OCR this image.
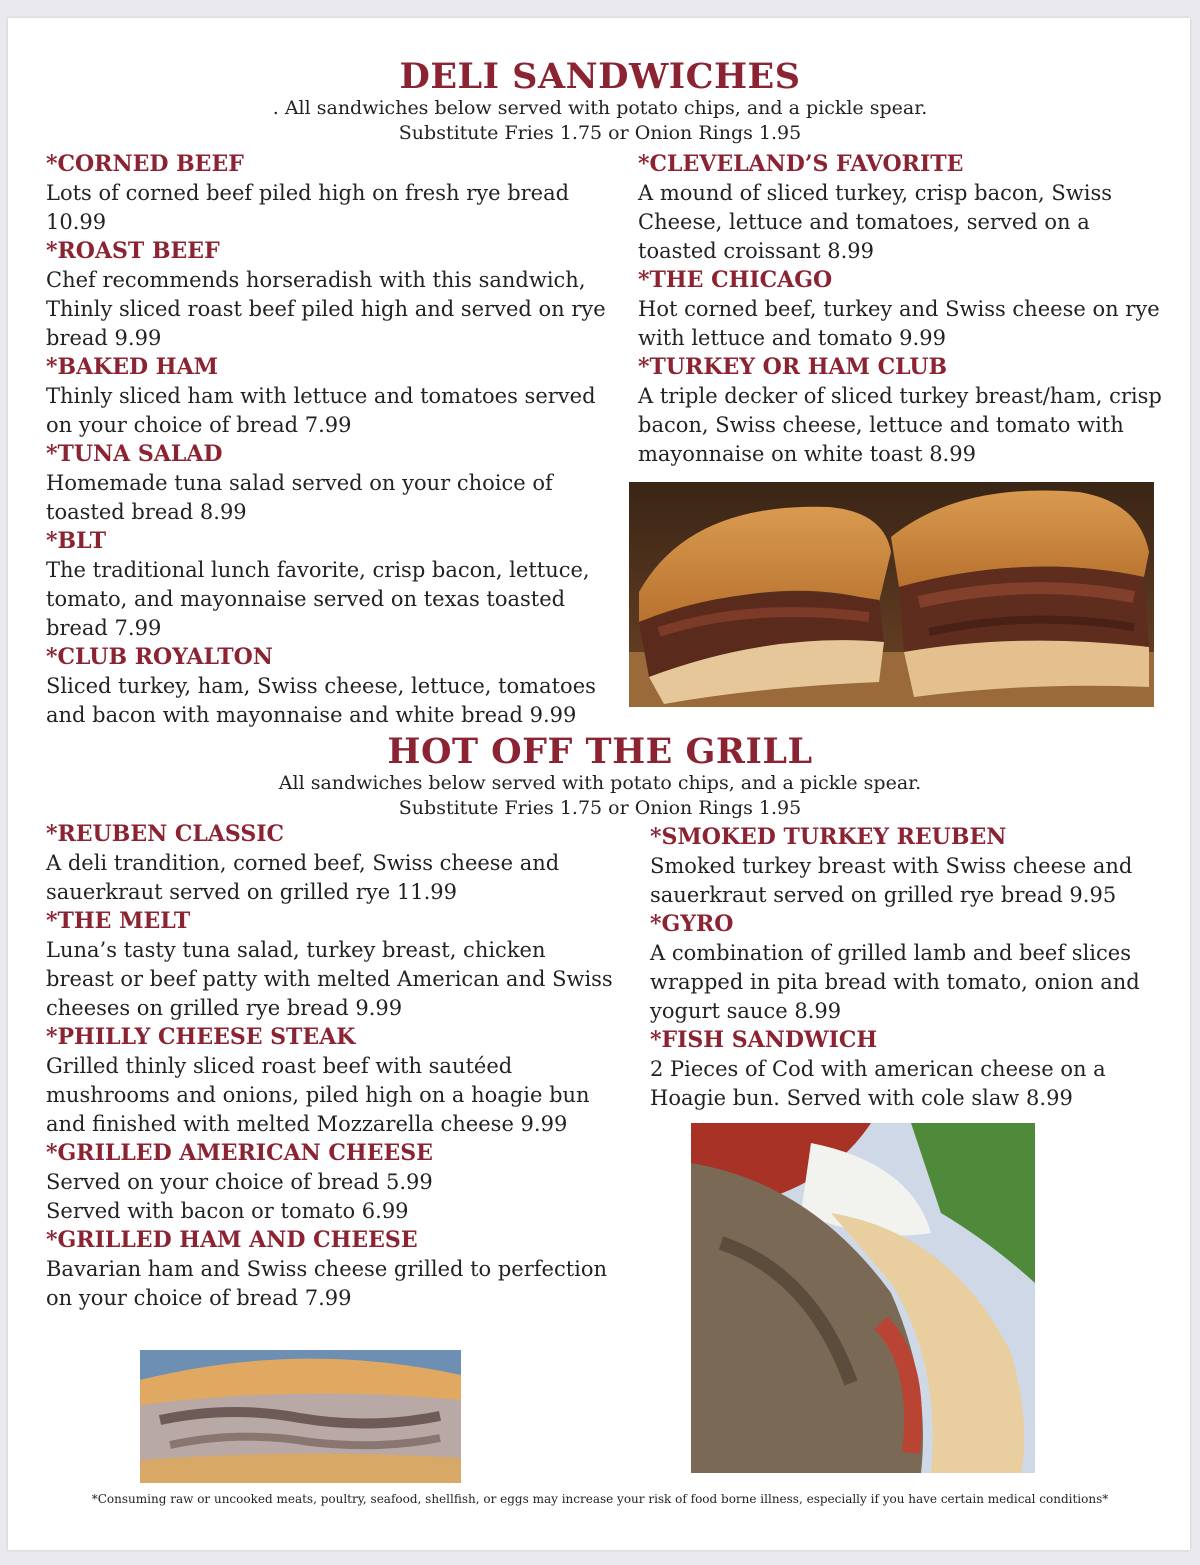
DELI SANDWICHES
. All sandwiches below served with potato chips, and a pickle spear.
Substitute Fries 1.75 or Onion Rings 1.95
*CORNED BEEF
Lots of corned beef piled high on fresh rye bread 10.99
*ROAST BEEF
Chef recommends horseradish with this sandwich, Thinly sliced roast beef piled high and served on rye bread 9.99
*BAKED HAM
Thinly sliced ham with lettuce and tomatoes served on your choice of bread 7.99
*TUNA SALAD
Homemade tuna salad served on your choice of toasted bread 8.99
*BLT
The traditional lunch favorite, crisp bacon, lettuce, tomato, and mayonnaise served on texas toasted bread 7.99
*CLUB ROYALTON
Sliced turkey, ham, Swiss cheese, lettuce, tomatoes and bacon with mayonnaise and white bread 9.99
*CLEVELAND’S FAVORITE
A mound of sliced turkey, crisp bacon, Swiss Cheese, lettuce and tomatoes, served on a toasted croissant 8.99
*THE CHICAGO
Hot corned beef, turkey and Swiss cheese on rye with lettuce and tomato 9.99
*TURKEY OR HAM CLUB
A triple decker of sliced turkey breast/ham, crisp bacon, Swiss cheese, lettuce and tomato with mayonnaise on white toast 8.99
HOT OFF THE GRILL
All sandwiches below served with potato chips, and a pickle spear.
Substitute Fries 1.75 or Onion Rings 1.95
*REUBEN CLASSIC
A deli trandition, corned beef, Swiss cheese and sauerkraut served on grilled rye 11.99
*THE MELT
Luna’s tasty tuna salad, turkey breast, chicken breast or beef patty with melted American and Swiss cheeses on grilled rye bread 9.99
*PHILLY CHEESE STEAK
Grilled thinly sliced roast beef with sautéed mushrooms and onions, piled high on a hoagie bun and finished with melted Mozzarella cheese 9.99
*GRILLED AMERICAN CHEESE
Served on your choice of bread 5.99
Served with bacon or tomato 6.99
*GRILLED HAM AND CHEESE
Bavarian ham and Swiss cheese grilled to perfection on your choice of bread 7.99
*SMOKED TURKEY REUBEN
Smoked turkey breast with Swiss cheese and sauerkraut served on grilled rye bread 9.95
*GYRO
A combination of grilled lamb and beef slices wrapped in pita bread with tomato, onion and yogurt sauce 8.99
*FISH SANDWICH
2 Pieces of Cod with american cheese on a Hoagie bun. Served with cole slaw 8.99
*Consuming raw or uncooked meats, poultry, seafood, shellfish, or eggs may increase your risk of food borne illness, especially if you have certain medical conditions*
